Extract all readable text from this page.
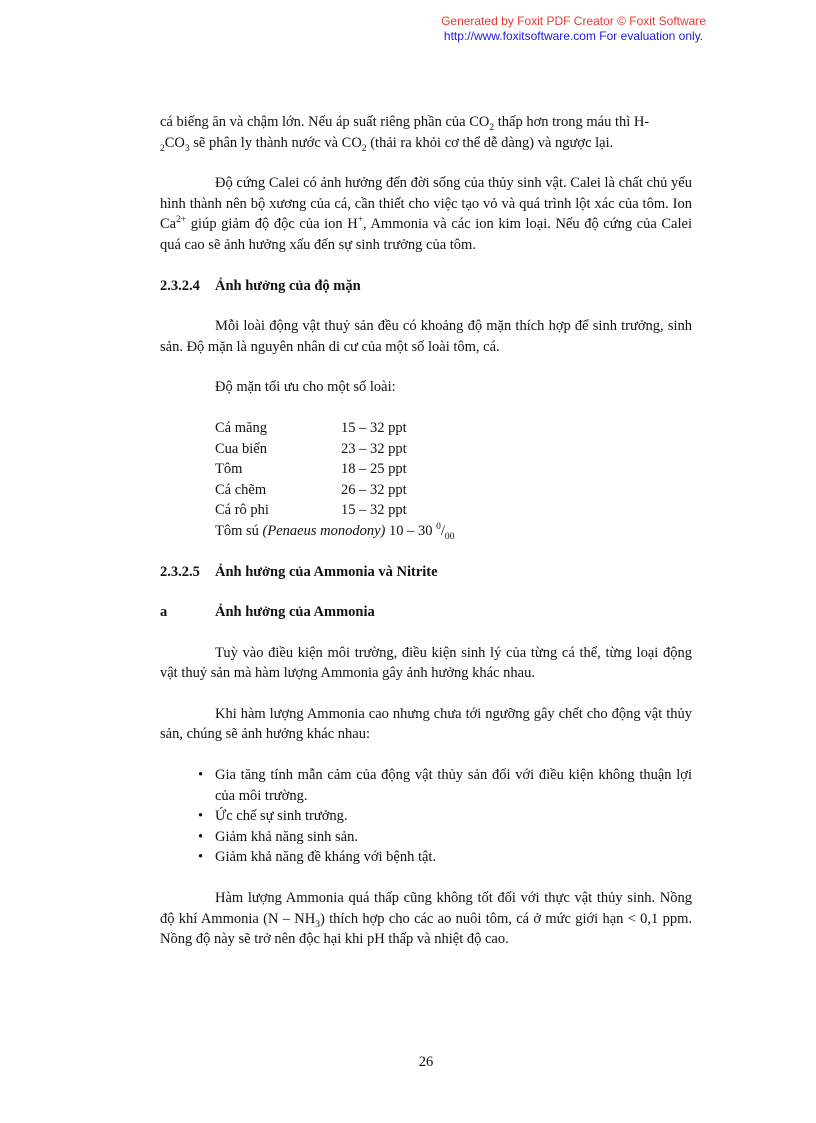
Generated by Foxit PDF Creator © Foxit Software
http://www.foxitsoftware.com For evaluation only.

cá biếng ăn và chậm lớn. Nếu áp suất riêng phần của $CO_2$ thấp hơn trong máu thì H-
$_2CO_3$ sẽ phân ly thành nước và $CO_2$ (thải ra khỏi cơ thể dễ dàng) và ngược lại.

Độ cứng Calei có ảnh hưởng đến đời sống của thủy sinh vật. Calei là chất chủ yếu hình thành nên bộ xương của cá, cần thiết cho việc tạo vỏ và quá trình lột xác của tôm. Ion $Ca^{2+}$ giúp giảm độ độc của ion H+, Ammonia và các ion kim loại. Nếu độ cứng của Calei quá cao sẽ ảnh hưởng xấu đến sự sinh trưởng của tôm.

2.3.2.4 Ảnh hưởng của độ mặn

Mỗi loài động vật thuỷ sản đều có khoảng độ mặn thích hợp để sinh trưởng, sinh sản. Độ mặn là nguyên nhân di cư của một số loài tôm, cá.

Độ mặn tối ưu cho một số loài:

Cá măng	15 – 32 ppt
Cua biển	23 – 32 ppt
Tôm	18 – 25 ppt
Cá chẽm	26 – 32 ppt
Cá rô phi	15 – 32 ppt
Tôm sú (Penaeus monodony) 10 – 30 $^0/_{00}$
2.3.2.5 Ảnh hưởng của Ammonia và Nitrite
a	Ảnh hưởng của Ammonia

Tuỳ vào điều kiện môi trường, điều kiện sinh lý của từng cá thể, từng loại động vật thuỷ sản mà hàm lượng Ammonia gây ảnh hưởng khác nhau.

Khi hàm lượng Ammonia cao nhưng chưa tới ngưỡng gây chết cho động vật thủy sản, chúng sẽ ảnh hưởng khác nhau:

• Gia tăng tính mẫn cảm của động vật thủy sản đối với điều kiện không thuận lợi của môi trường.
• Ức chế sự sinh trưởng.
• Giảm khả năng sinh sản.
• Giảm khả năng đề kháng với bệnh tật.

Hàm lượng Ammonia quá thấp cũng không tốt đối với thực vật thủy sinh. Nồng độ khí Ammonia $(N - NH_3)$ thích hợp cho các ao nuôi tôm, cá ở mức giới hạn < 0,1 ppm. Nồng độ này sẽ trở nên độc hại khi pH thấp và nhiệt độ cao.

26
